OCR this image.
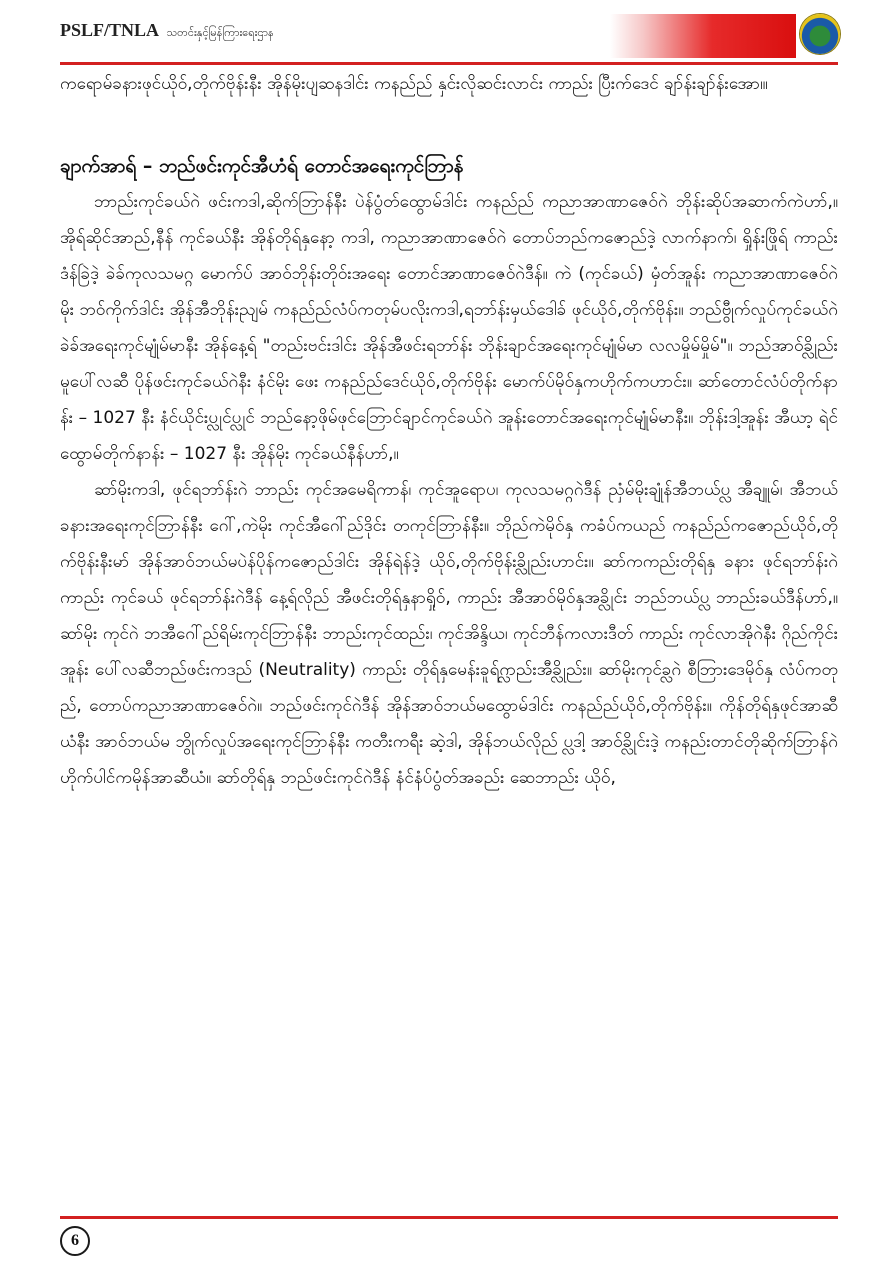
PSLF/TNLA သတင်းနှင့်မြန်ကြားရေးဌာန

ကရောမ်ခနားဖုင်ယိုဝ်,တိုက်ဗိုန်းနီး အိုန်မိုးပျဆနဒါင်း ကနည်ည် နှင်းလိုဆင်းလာင်း ကာည်း ပြီးက်ဒေင် ချာ်န်းချာ်န်းအော၊။

ချာက်အာရ် – ဘည်ဖင်းကုင်အီဟံရ် တောင်အရေးကုင်ဘြာန်

ဘာည်းကုင်ခယ်ဂဲ ဖင်းကဒါ,ဆိုက်ဘြာန်နီး ပဲန်ပွံတ်ထွောမ်ဒါင်း ကနည်ည် ကညာအာဏာဇေဝ်ဂဲ ဘိုန်းဆိုပ်အဆာက်ကဲဟာ်,။ အိုရ်ဆိုင်အာည်,နီန် ကုင်ခယ်နီး အိုန်တိုရ်နှနော့ ကဒါ, ကညာအာဏာဇေဝ်ဂဲ တောပ်ဘည်ကဇောည်ဒဲ့ လာက်နာက်၊ ရှိုန်းဖြိုရ် ကာည်း ဒံန်ခြဲဒဲ့ ခဲခ်ကုလသမဂ္ဂ မောက်ပ် အာဝ်ဘိုန်းတိုဝ်းအရေး တောင်အာဏာဇေဝ်ဂဲဒီန်။ ကဲ (ကုင်ခယ်) မှံတ်အူန်း ကညာအာဏာဇေဝ်ဂဲ မိုး ဘဝ်ကိုက်ဒါင်း အိုန်အီဘိုန်းညျမ် ကနည်ည်လံပ်ကတုမ်ပလိုးကဒါ,ရဘာ်န်းမှယ်ဒေါခ် ဖုင်ယိုဝ်,တိုက်ဗိုန်း။ ဘည်ဗွီုက်လှုပ်ကုင်ခယ်ဂဲ ခဲခ်အရေးကုင်မျုံမ်မာနီး အိုန်နေ့ရ် "တည်းဗင်းဒါင်း အိုန်အီဖင်းရဘာ်န်း ဘိုန်းချာင်အရေးကုင်မျုံမ်မာ လလမှိုမ်မှိုမ်"။ ဘည်အာဝ်ခ္လိုည်း မူပေါ်လဆီ ပိုန်ဖင်းကုင်ခယ်ဂဲနီး နံင်မိုး ဖေး ကနည်ည်ဒေင်ယိုဝ်,တိုက်ဗိုန်း မောက်ပ်မိုဝ်နှကဟိုက်ကဟာင်း။ ဆာ်တောင်လံပ်တိုက်နာန်း – 1027 နီး နံင်ယိုင်းပ္လုင်ပ္လုင် ဘည်နော့ဖိုမ်ဖုင်ဘြောင်ချာင်ကုင်ခယ်ဂဲ အူန်းတောင်အရေးကုင်မျုံမ်မာနီး။ ဘိုန်းဒါ့အူန်း အီယာ့ ရဲင်ထွောမ်တိုက်နာန်း – 1027 နီး အိုန်မိုး ကုင်ခယ်နီန်ဟာ်,။

ဆာ်မိုးကဒါ, ဖုင်ရဘာ်န်းဂဲ ဘာည်း ကုင်အမေရိကာန်၊ ကုင်အူရောပ၊ ကုလသမဂ္ဂဂဲဒီန် ညှံမ်မိုးချုံန်အီဘယ်ပ္လ အီချူမ်၊ အီဘယ် ခနားအရေးကုင်ဘြာန်နီး ဂေါ်,ကဲမိုး ကုင်အီဂေါ်ည်ဒိုင်း တကုင်ဘြာန်နီး။ ဘိုည်ကဲမိုဝ်နှ ကခံပ်ကယည် ကနည်ည်ကဇောည်ယိုဝ်,တိုက်ဗိုန်းနီးမာ် အိုန်အာဝ်ဘယ်မပဲန်ပိုန်ကဇောည်ဒါင်း အိုန်ရဲန်ဒဲ့ ယိုဝ်,တိုက်ဗိုန်းခ္လိုည်းဟာင်း။ ဆာ်ကကည်းတိုရ်နှ ခနား ဖုင်ရဘာ်န်းဂဲ ကာည်း ကုင်ခယ် ဖုင်ရဘာ်န်းဂဲဒီန် နေ့ရ်လိုည် အီဖင်းတိုရ်နှနာရှိုဝ်, ကာည်း အီအာဝ်မိုဝ်နှအခ္လိုင်း ဘည်ဘယ်ပ္လ ဘာည်းခယ်ဒီန်ဟာ်,။ ဆာ်မိုး ကုင်ဂဲ ဘအီဂေါ်ည်ရိမ်းကုင်ဘြာန်နီး ဘာည်းကုင်ထည်း၊ ကုင်အိန္ဒိယ၊ ကုင်ဘီန်ကလားဒီတ် ကာည်း ကုင်လာအိုဂဲနီး ဂိုည်ကိုင်းအူန်း ပေါ်လဆီဘည်ဖင်းကဒည် (Neutrality) ကာည်း တိုရ်နှမေန်းခူရ်ဂ္လာည်းအီခ္လိုည်း။ ဆာ်မိုးကုင်ခ္လဂဲ စီဘြားဒေမိုဝ်နှ လံပ်ကတုည်, တောပ်ကညာအာဏာဇေဝ်ဂဲ။ ဘည်ဖင်းကုင်ဂဲဒီန် အိုန်အာဝ်ဘယ်မထွောမ်ဒါင်း ကနည်ည်ယိုဝ်,တိုက်ဗိုန်း။ ကိုန်တိုရ်နှဖုင်အာဆီယံနီး အာဝ်ဘယ်မ ဘွိုက်လှုပ်အရေးကုင်ဘြာန်နီး ကတီးကရီး ဆဲ့ဒါ, အိုန်ဘယ်လိုည် ပ္လဒါ့ အာဝ်ခ္လိုင်းဒဲ့ ကနည်းတာင်တိုဆိုက်ဘြာန်ဂဲ ဟိုက်ပါင်ကမိုန်အာဆီယံ။ ဆာ်တိုရ်နှ ဘည်ဖင်းကုင်ဂဲဒီန် နံင်နံပ်ပွံတ်အခည်း ဆေဘာည်း ယိုဝ်,

6
